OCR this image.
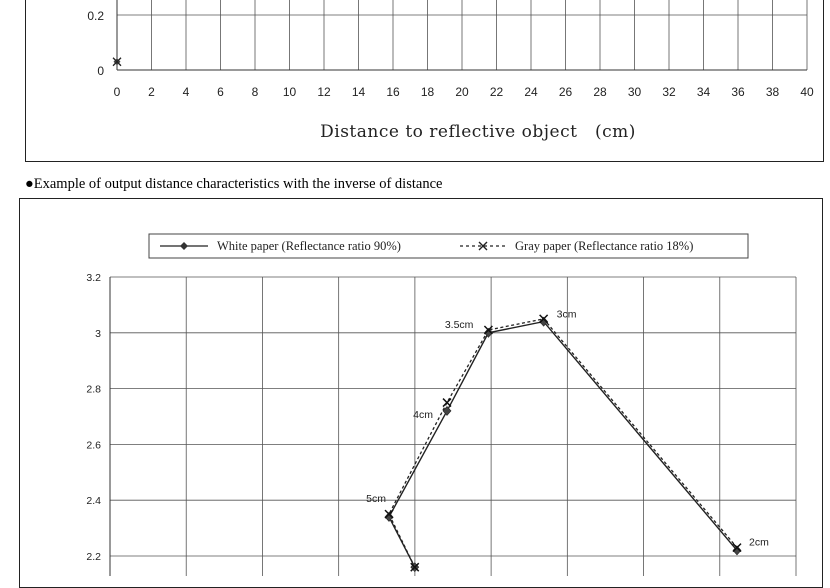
●Example of output distance characteristics with the inverse of distance
0
0.2
0 2 4 6 8 10 12 14 16 18 20 22 24 26 28 30 32 34 36 38 40
Distance to reflective object　(cm)
3.2
3
2.8
2.6
2.4
2.2
White paper (Reflectance ratio 90%)	Gray paper (Reflectance ratio 18%)
5cm
4cm
3.5cm
3cm
2cm
